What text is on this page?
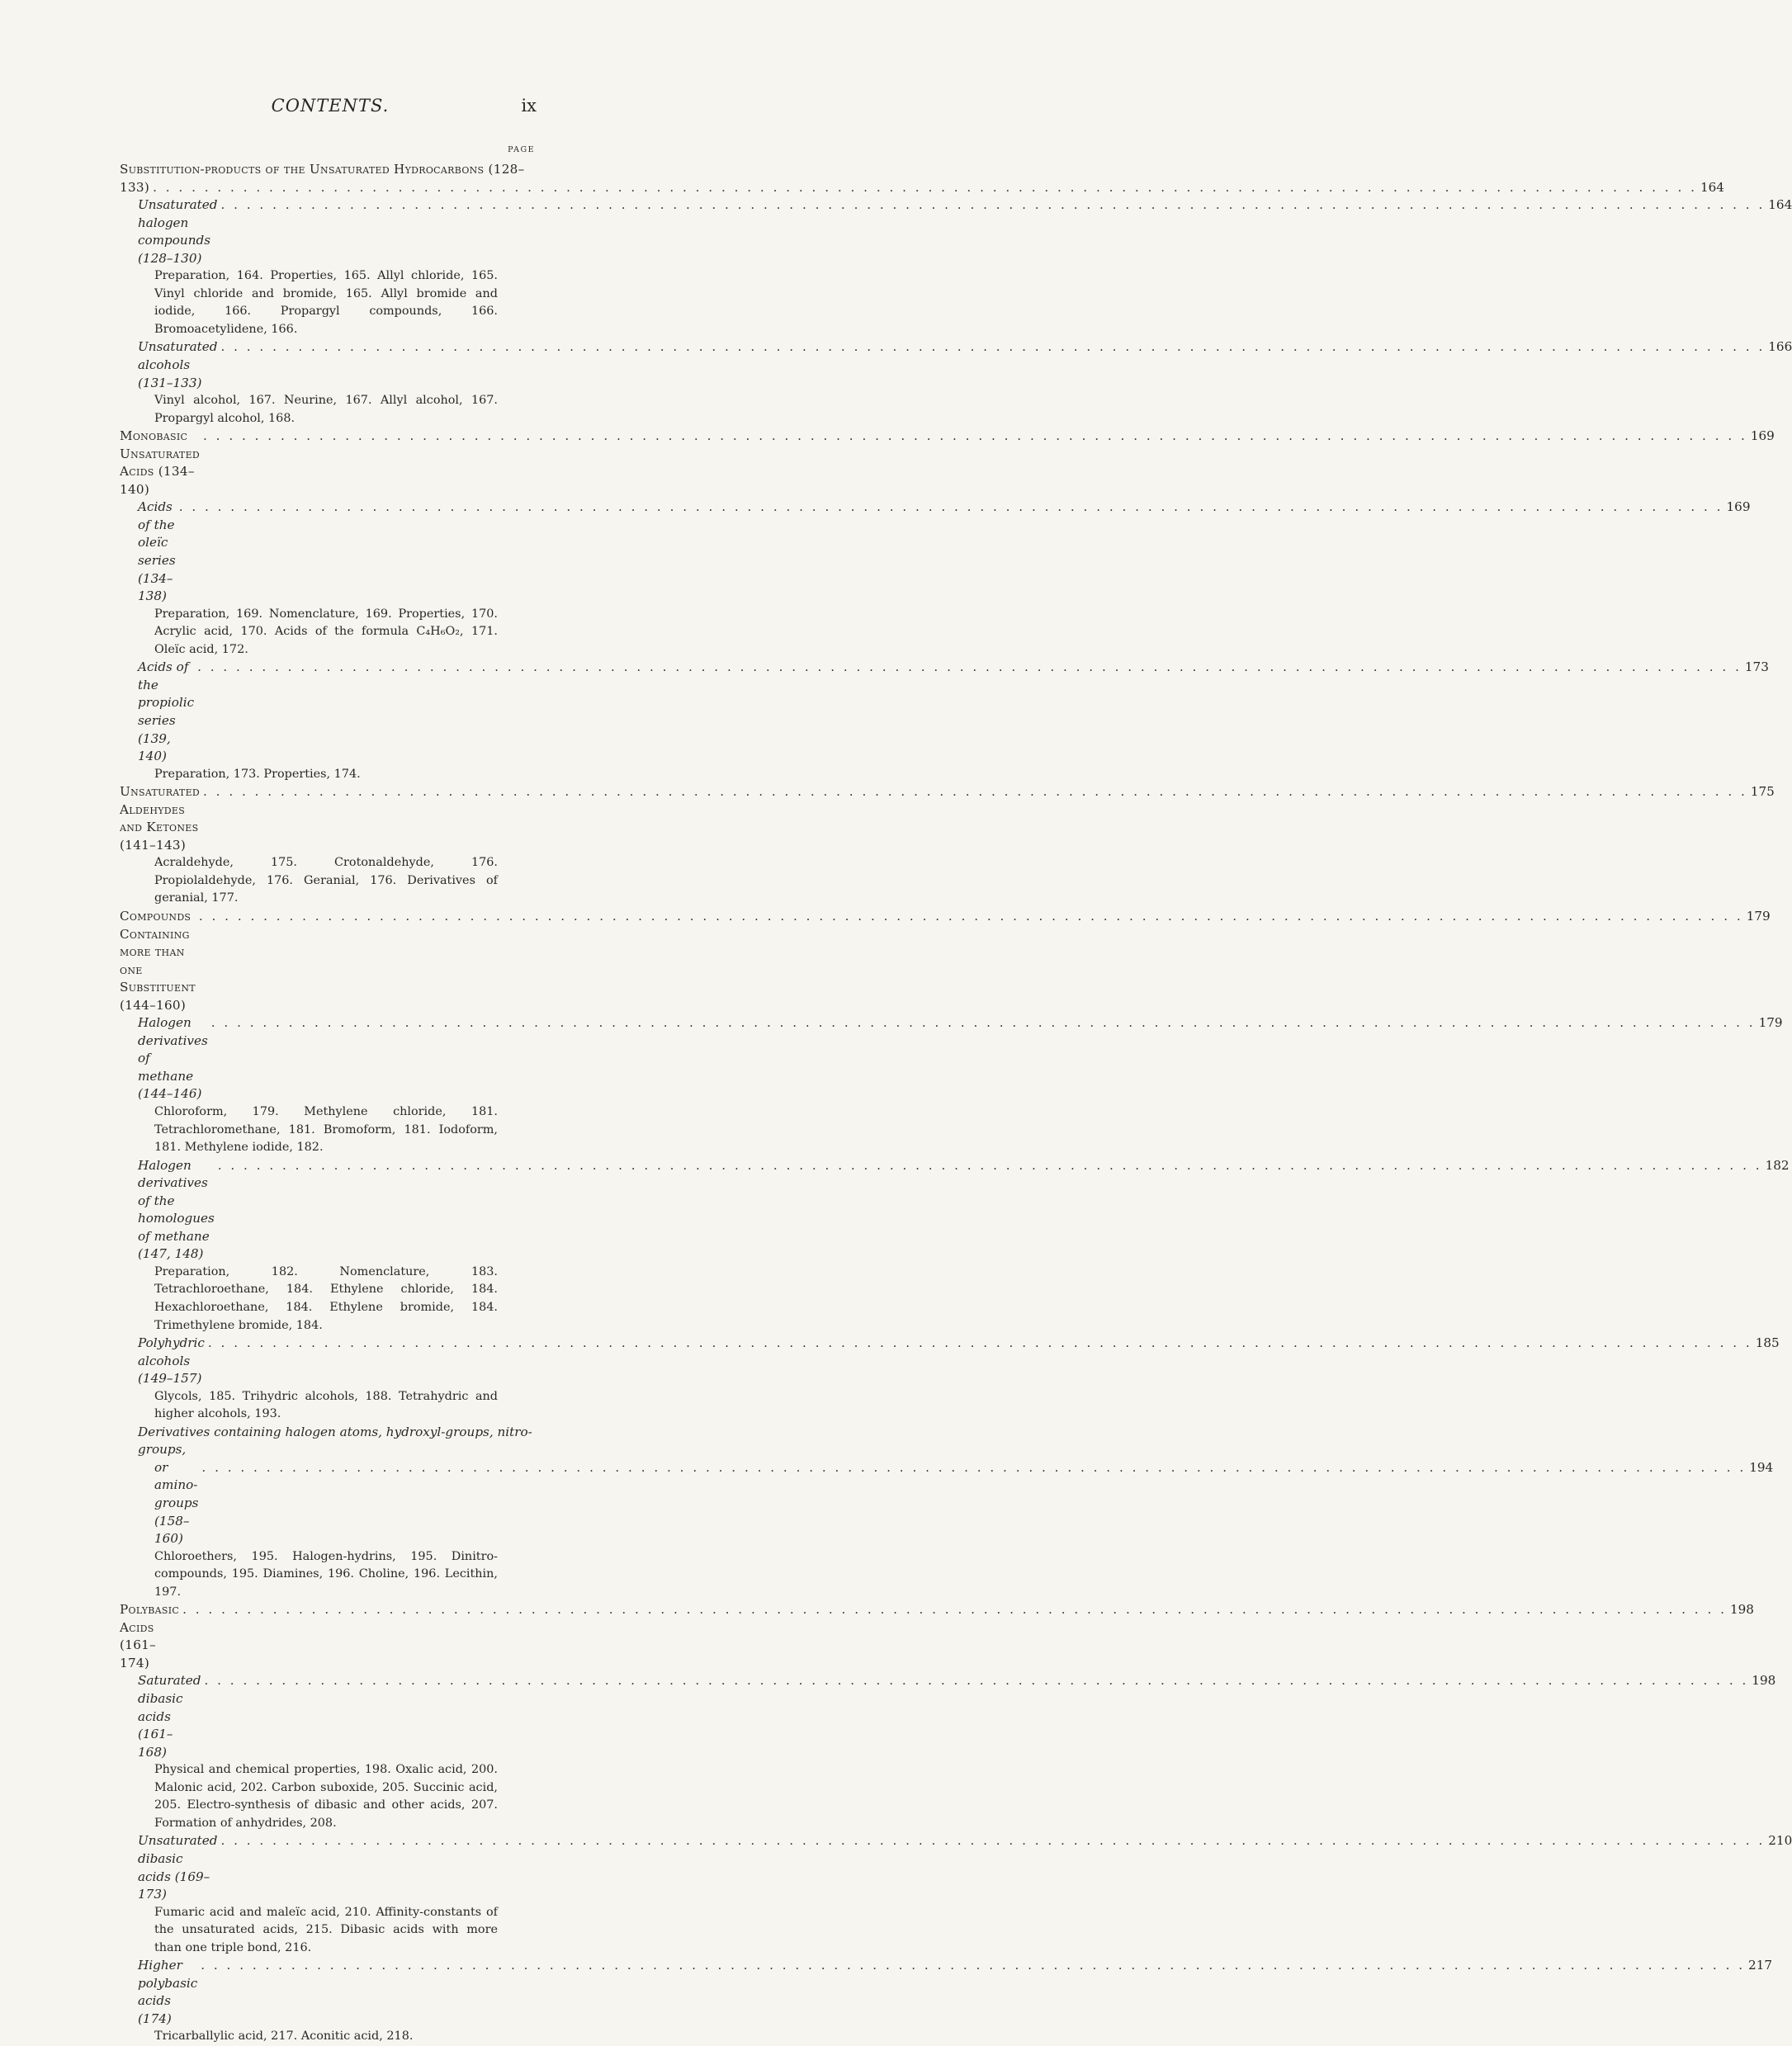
CONTENTS.	ix
PAGE
Substitution-products of the Unsaturated Hydrocarbons (128–
133) . . . . . . . . . . . . . . . . . . . . . . . . . . . . . . . . . . . . . . . . . . . . . . . . . . . . . . . . . . . . . . . . . . . . . . . . . . . . . . . . . . . . . . . . . . . . . . . . . . . . . . . . . . . . . . . . . . . . . . . . 164
Unsaturated halogen compounds (128–130)
. . . . . . . . . . . . . . . . . . . . . . . . . . . . . . . . . . . . . . . . . . . . . . . . . . . . . . . . . . . . . . . . . . . . . . . . . . . . . . . . . . . . . . . . . . . . . . . . . . . . . . . . . . . . . . . . . . . . . . . . 164
Preparation, 164. Properties, 165. Allyl chloride, 165. Vinyl chloride and bromide, 165. Allyl bromide and iodide, 166. Propargyl compounds, 166. Bromoacetylidene, 166.
Unsaturated alcohols (131–133)
. . . . . . . . . . . . . . . . . . . . . . . . . . . . . . . . . . . . . . . . . . . . . . . . . . . . . . . . . . . . . . . . . . . . . . . . . . . . . . . . . . . . . . . . . . . . . . . . . . . . . . . . . . . . . . . . . . . . . . . . 166
Vinyl alcohol, 167. Neurine, 167. Allyl alcohol, 167. Propargyl alcohol, 168.
Monobasic Unsaturated Acids (134–140)
. . . . . . . . . . . . . . . . . . . . . . . . . . . . . . . . . . . . . . . . . . . . . . . . . . . . . . . . . . . . . . . . . . . . . . . . . . . . . . . . . . . . . . . . . . . . . . . . . . . . . . . . . . . . . . . . . . . . . . . . 169
Acids of the oleïc series (134–138)
. . . . . . . . . . . . . . . . . . . . . . . . . . . . . . . . . . . . . . . . . . . . . . . . . . . . . . . . . . . . . . . . . . . . . . . . . . . . . . . . . . . . . . . . . . . . . . . . . . . . . . . . . . . . . . . . . . . . . . . . 169
Preparation, 169. Nomenclature, 169. Properties, 170. Acrylic acid, 170. Acids of the formula C₄H₆O₂, 171. Oleïc acid, 172.
Acids of the propiolic series (139, 140)
. . . . . . . . . . . . . . . . . . . . . . . . . . . . . . . . . . . . . . . . . . . . . . . . . . . . . . . . . . . . . . . . . . . . . . . . . . . . . . . . . . . . . . . . . . . . . . . . . . . . . . . . . . . . . . . . . . . . . . . . 173
Preparation, 173. Properties, 174.
Unsaturated Aldehydes and Ketones (141–143)
. . . . . . . . . . . . . . . . . . . . . . . . . . . . . . . . . . . . . . . . . . . . . . . . . . . . . . . . . . . . . . . . . . . . . . . . . . . . . . . . . . . . . . . . . . . . . . . . . . . . . . . . . . . . . . . . . . . . . . . . 175
Acraldehyde, 175. Crotonaldehyde, 176. Propiolaldehyde, 176. Geranial, 176. Derivatives of geranial, 177.
Compounds Containing more than one Substituent (144–160)
. . . . . . . . . . . . . . . . . . . . . . . . . . . . . . . . . . . . . . . . . . . . . . . . . . . . . . . . . . . . . . . . . . . . . . . . . . . . . . . . . . . . . . . . . . . . . . . . . . . . . . . . . . . . . . . . . . . . . . . . 179
Halogen derivatives of methane (144–146)
. . . . . . . . . . . . . . . . . . . . . . . . . . . . . . . . . . . . . . . . . . . . . . . . . . . . . . . . . . . . . . . . . . . . . . . . . . . . . . . . . . . . . . . . . . . . . . . . . . . . . . . . . . . . . . . . . . . . . . . . 179
Chloroform, 179. Methylene chloride, 181. Tetrachloromethane, 181. Bromoform, 181. Iodoform, 181. Methylene iodide, 182.
Halogen derivatives of the homologues of methane (147, 148)
. . . . . . . . . . . . . . . . . . . . . . . . . . . . . . . . . . . . . . . . . . . . . . . . . . . . . . . . . . . . . . . . . . . . . . . . . . . . . . . . . . . . . . . . . . . . . . . . . . . . . . . . . . . . . . . . . . . . . . . . 182
Preparation, 182. Nomenclature, 183. Tetrachloroethane, 184. Ethylene chloride, 184. Hexachloroethane, 184. Ethylene bromide, 184. Trimethylene bromide, 184.
Polyhydric alcohols (149–157)
. . . . . . . . . . . . . . . . . . . . . . . . . . . . . . . . . . . . . . . . . . . . . . . . . . . . . . . . . . . . . . . . . . . . . . . . . . . . . . . . . . . . . . . . . . . . . . . . . . . . . . . . . . . . . . . . . . . . . . . . 185
Glycols, 185. Trihydric alcohols, 188. Tetrahydric and higher alcohols, 193.
Derivatives containing halogen atoms, hydroxyl-groups, nitro-groups,
or amino-groups (158–160)
. . . . . . . . . . . . . . . . . . . . . . . . . . . . . . . . . . . . . . . . . . . . . . . . . . . . . . . . . . . . . . . . . . . . . . . . . . . . . . . . . . . . . . . . . . . . . . . . . . . . . . . . . . . . . . . . . . . . . . . . 194
Chloroethers, 195. Halogen-hydrins, 195. Dinitro-compounds, 195. Diamines, 196. Choline, 196. Lecithin, 197.
Polybasic Acids (161–174)
. . . . . . . . . . . . . . . . . . . . . . . . . . . . . . . . . . . . . . . . . . . . . . . . . . . . . . . . . . . . . . . . . . . . . . . . . . . . . . . . . . . . . . . . . . . . . . . . . . . . . . . . . . . . . . . . . . . . . . . . 198
Saturated dibasic acids (161–168)
. . . . . . . . . . . . . . . . . . . . . . . . . . . . . . . . . . . . . . . . . . . . . . . . . . . . . . . . . . . . . . . . . . . . . . . . . . . . . . . . . . . . . . . . . . . . . . . . . . . . . . . . . . . . . . . . . . . . . . . . 198
Physical and chemical properties, 198. Oxalic acid, 200. Malonic acid, 202. Carbon suboxide, 205. Succinic acid, 205. Electro-synthesis of dibasic and other acids, 207. Formation of anhydrides, 208.
Unsaturated dibasic acids (169–173)
. . . . . . . . . . . . . . . . . . . . . . . . . . . . . . . . . . . . . . . . . . . . . . . . . . . . . . . . . . . . . . . . . . . . . . . . . . . . . . . . . . . . . . . . . . . . . . . . . . . . . . . . . . . . . . . . . . . . . . . . 210
Fumaric acid and maleïc acid, 210. Affinity-constants of the unsaturated acids, 215. Dibasic acids with more than one triple bond, 216.
Higher polybasic acids (174)
. . . . . . . . . . . . . . . . . . . . . . . . . . . . . . . . . . . . . . . . . . . . . . . . . . . . . . . . . . . . . . . . . . . . . . . . . . . . . . . . . . . . . . . . . . . . . . . . . . . . . . . . . . . . . . . . . . . . . . . . 217
Tricarballylic acid, 217. Aconitic acid, 218.
